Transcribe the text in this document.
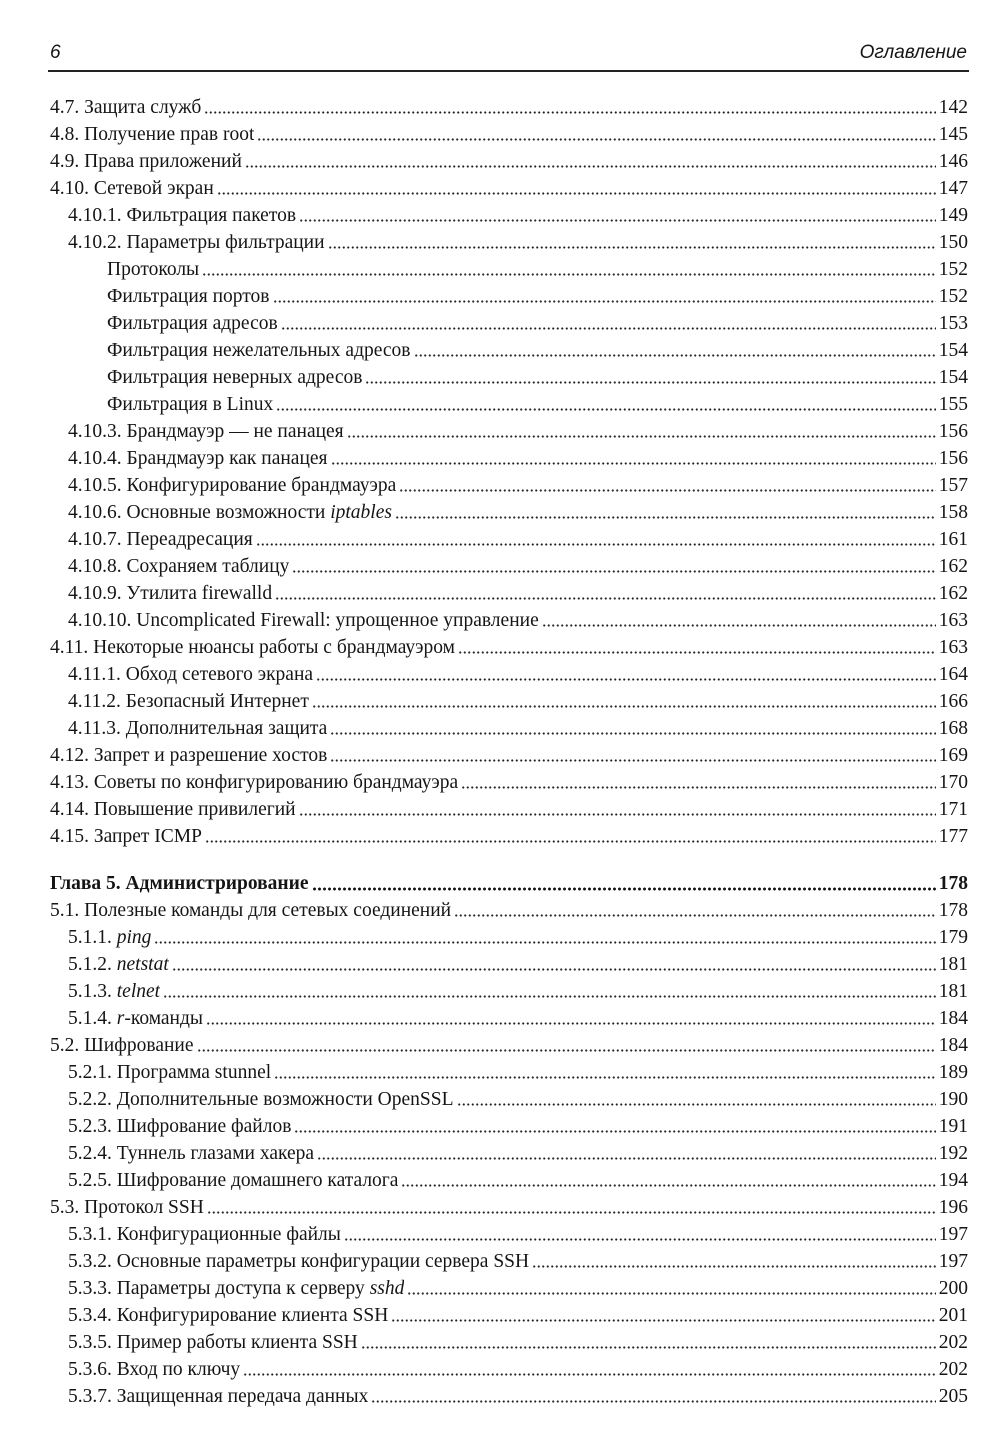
6	Оглавление
4.7. Защита служб	142
4.8. Получение прав root	145
4.9. Права приложений	146
4.10. Сетевой экран	147
4.10.1. Фильтрация пакетов	149
4.10.2. Параметры фильтрации	150
Протоколы	152
Фильтрация портов	152
Фильтрация адресов	153
Фильтрация нежелательных адресов	154
Фильтрация неверных адресов	154
Фильтрация в Linux	155
4.10.3. Брандмауэр — не панацея	156
4.10.4. Брандмауэр как панацея	156
4.10.5. Конфигурирование брандмауэра	157
4.10.6. Основные возможности iptables	158
4.10.7. Переадресация	161
4.10.8. Сохраняем таблицу	162
4.10.9. Утилита firewalld	162
4.10.10. Uncomplicated Firewall: упрощенное управление	163
4.11. Некоторые нюансы работы с брандмауэром	163
4.11.1. Обход сетевого экрана	164
4.11.2. Безопасный Интернет	166
4.11.3. Дополнительная защита	168
4.12. Запрет и разрешение хостов	169
4.13. Советы по конфигурированию брандмауэра	170
4.14. Повышение привилегий	171
4.15. Запрет ICMP	177
Глава 5. Администрирование	178
5.1. Полезные команды для сетевых соединений	178
5.1.1. ping	179
5.1.2. netstat	181
5.1.3. telnet	181
5.1.4. r-команды	184
5.2. Шифрование	184
5.2.1. Программа stunnel	189
5.2.2. Дополнительные возможности OpenSSL	190
5.2.3. Шифрование файлов	191
5.2.4. Туннель глазами хакера	192
5.2.5. Шифрование домашнего каталога	194
5.3. Протокол SSH	196
5.3.1. Конфигурационные файлы	197
5.3.2. Основные параметры конфигурации сервера SSH	197
5.3.3. Параметры доступа к серверу sshd	200
5.3.4. Конфигурирование клиента SSH	201
5.3.5. Пример работы клиента SSH	202
5.3.6. Вход по ключу	202
5.3.7. Защищенная передача данных	205
